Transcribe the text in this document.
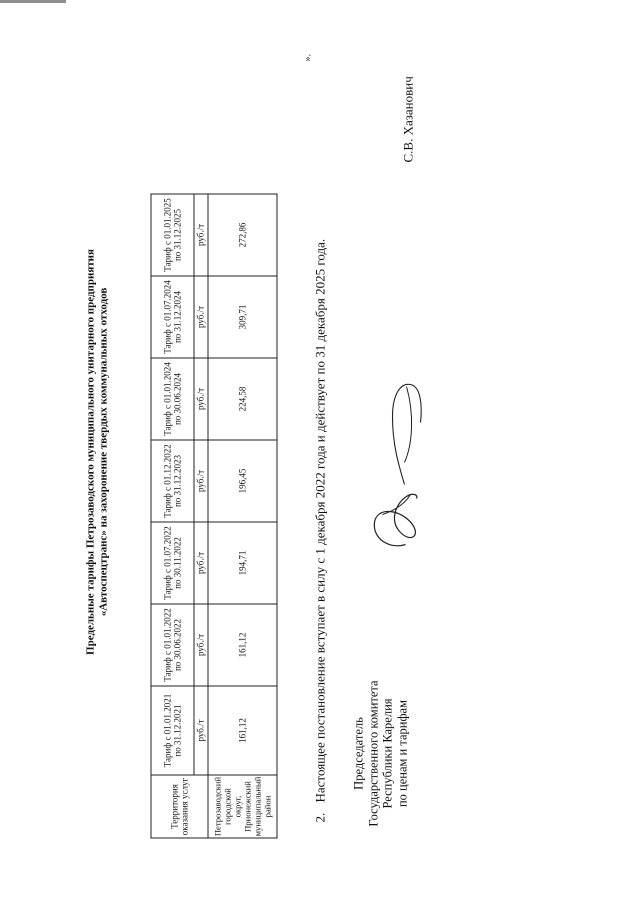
Предельные тарифы Петрозаводского муниципального унитарного предприятия «Автоспецтранс» на захоронение твердых коммунальных отходов
Территория оказания услуг	Тариф с 01.01.2021 по 31.12.2021	Тариф с 01.01.2022 по 30.06.2022	Тариф с 01.07.2022 по 30.11.2022	Тариф с 01.12.2022 по 31.12.2023	Тариф с 01.01.2024 по 30.06.2024	Тариф с 01.07.2024 по 31.12.2024	Тариф с 01.01.2025 по 31.12.2025
	руб./т	руб./т	руб./т	руб./т	руб./т	руб./т	руб./т
Петрозаводский городской округ, Прионежский муниципальный район	161,12	161,12	194,71	196,45	224,58	309,71	272,86
».
2.Настоящее постановление вступает в силу с 1 декабря 2022 года и действует по 31 декабря 2025 года. Председатель Государственного комитета Республики Карелия по ценам и тарифам
С.В. Хазанович
